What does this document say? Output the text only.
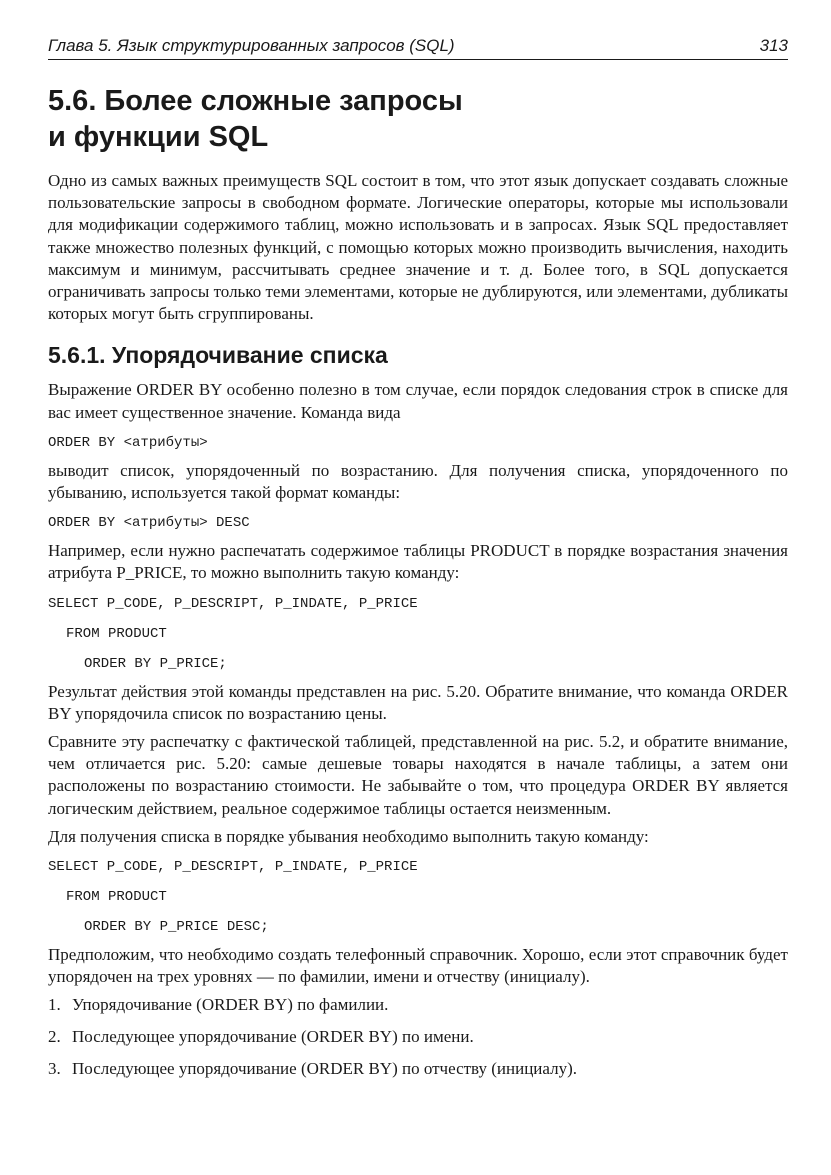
Глава 5. Язык структурированных запросов (SQL)	313
5.6. Более сложные запросы
и функции SQL

Одно из самых важных преимуществ SQL состоит в том, что этот язык допускает создавать сложные пользовательские запросы в свободном формате. Логические операторы, которые мы использовали для модификации содержимого таблиц, можно использовать и в запросах. Язык SQL предоставляет также множество полезных функций, с помощью которых можно производить вычисления, находить максимум и минимум, рассчитывать среднее значение и т. д. Более того, в SQL допускается ограничивать запросы только теми элементами, которые не дублируются, или элементами, дубликаты которых могут быть сгруппированы.

5.6.1. Упорядочивание списка

Выражение ORDER BY особенно полезно в том случае, если порядок следования строк в списке для вас имеет существенное значение. Команда вида

ORDER BY <атрибуты>

выводит список, упорядоченный по возрастанию. Для получения списка, упорядоченного по убыванию, используется такой формат команды:

ORDER BY <атрибуты> DESC

Например, если нужно распечатать содержимое таблицы PRODUCT в порядке возрастания значения атрибута P_PRICE, то можно выполнить такую команду:

SELECT P_CODE, P_DESCRIPT, P_INDATE, P_PRICE
FROM PRODUCT
ORDER BY P_PRICE;

Результат действия этой команды представлен на рис. 5.20. Обратите внимание, что команда ORDER BY упорядочила список по возрастанию цены.

Сравните эту распечатку с фактической таблицей, представленной на рис. 5.2, и обратите внимание, чем отличается рис. 5.20: самые дешевые товары находятся в начале таблицы, а затем они расположены по возрастанию стоимости. Не забывайте о том, что процедура ORDER BY является логическим действием, реальное содержимое таблицы остается неизменным.

Для получения списка в порядке убывания необходимо выполнить такую команду:

SELECT P_CODE, P_DESCRIPT, P_INDATE, P_PRICE
FROM PRODUCT
ORDER BY P_PRICE DESC;

Предположим, что необходимо создать телефонный справочник. Хорошо, если этот справочник будет упорядочен на трех уровнях — по фамилии, имени и отчеству (инициалу).

1. Упорядочивание (ORDER BY) по фамилии.
2. Последующее упорядочивание (ORDER BY) по имени.
3. Последующее упорядочивание (ORDER BY) по отчеству (инициалу).
